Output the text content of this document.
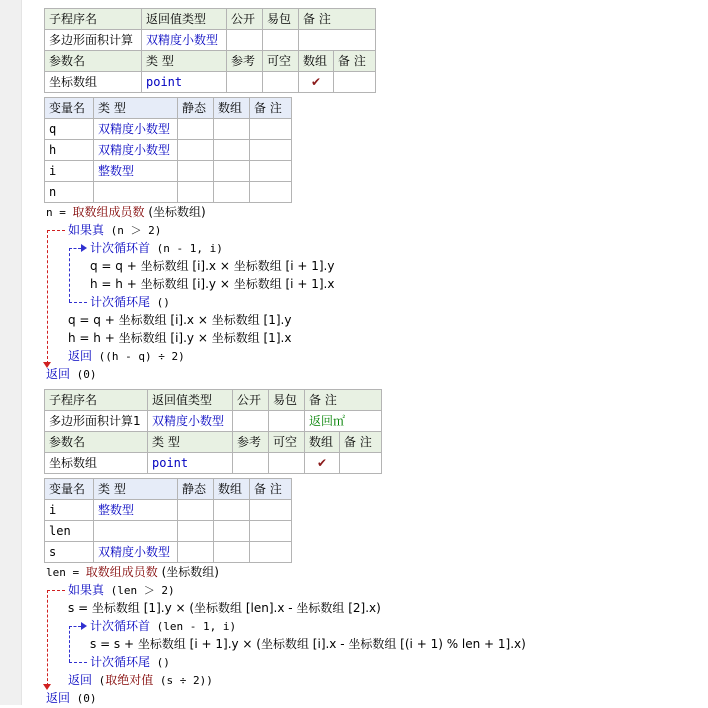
子程序名	返回值类型	公开	易包	备 注
多边形面积计算	双精度小数型			
参数名	类 型	参考	可空	数组	备 注
坐标数组	point			✔	
变量名	类 型	静态	数组	备 注
q	双精度小数型			
h	双精度小数型			
i	整数型			
n				
n = 取数组成员数 (坐标数组)
如果真 (n ＞ 2)
计次循环首 (n - 1, i)
q = q + 坐标数组 [i].x × 坐标数组 [i + 1].y
h = h + 坐标数组 [i].y × 坐标数组 [i + 1].x
计次循环尾 ()
q = q + 坐标数组 [i].x × 坐标数组 [1].y
h = h + 坐标数组 [i].y × 坐标数组 [1].x
返回 ((h - q) ÷ 2)
返回 (0)
子程序名	返回值类型	公开	易包	备 注
多边形面积计算1	双精度小数型			返回㎡
参数名	类 型	参考	可空	数组	备 注
坐标数组	point			✔	
变量名	类 型	静态	数组	备 注
i	整数型			
len				
s	双精度小数型			
len = 取数组成员数 (坐标数组)
如果真 (len ＞ 2)
s = 坐标数组 [1].y × (坐标数组 [len].x - 坐标数组 [2].x)
计次循环首 (len - 1, i)
s = s + 坐标数组 [i + 1].y × (坐标数组 [i].x - 坐标数组 [(i + 1) % len + 1].x)
计次循环尾 ()
返回 (取绝对值 (s ÷ 2))
返回 (0)
